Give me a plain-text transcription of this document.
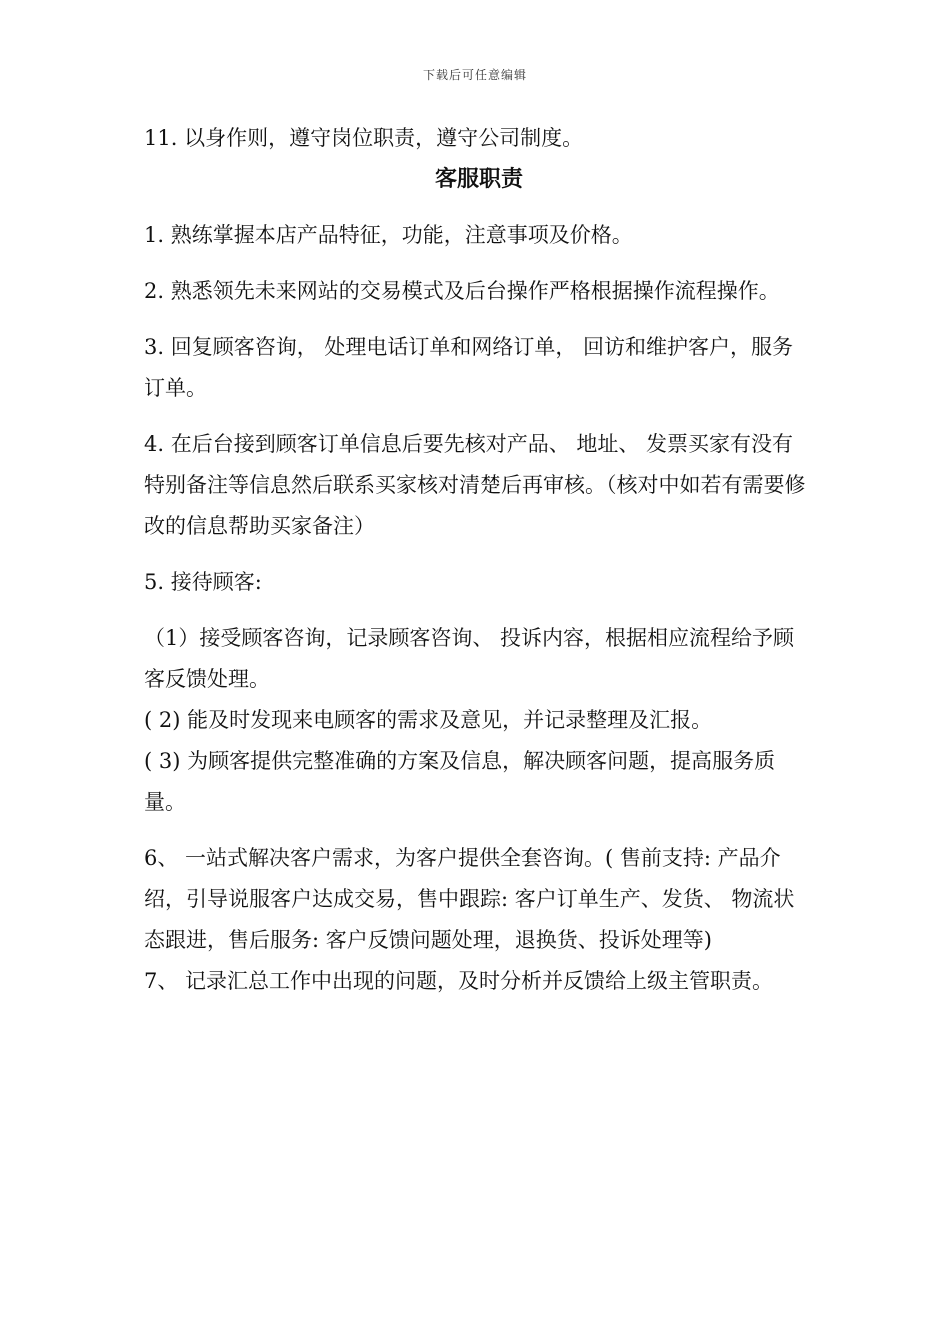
下载后可任意编辑

11. 以身作则，遵守岗位职责，遵守公司制度。

客服职责

1. 熟练掌握本店产品特征，功能，注意事项及价格。

2. 熟悉领先未来网站的交易模式及后台操作严格根据操作流程操作。

3. 回复顾客咨询， 处理电话订单和网络订单， 回访和维护客户，服务订单。

4. 在后台接到顾客订单信息后要先核对产品、 地址、 发票买家有没有特别备注等信息然后联系买家核对清楚后再审核。（核对中如若有需要修改的信息帮助买家备注）

5. 接待顾客:

（1）接受顾客咨询，记录顾客咨询、 投诉内容，根据相应流程给予顾客反馈处理。

( 2) 能及时发现来电顾客的需求及意见，并记录整理及汇报。

( 3) 为顾客提供完整准确的方案及信息，解决顾客问题，提高服务质量。

6、 一站式解决客户需求，为客户提供全套咨询。( 售前支持: 产品介绍，引导说服客户达成交易，售中跟踪: 客户订单生产、发货、 物流状态跟进，售后服务: 客户反馈问题处理，退换货、投诉处理等)

7、 记录汇总工作中出现的问题，及时分析并反馈给上级主管职责。
